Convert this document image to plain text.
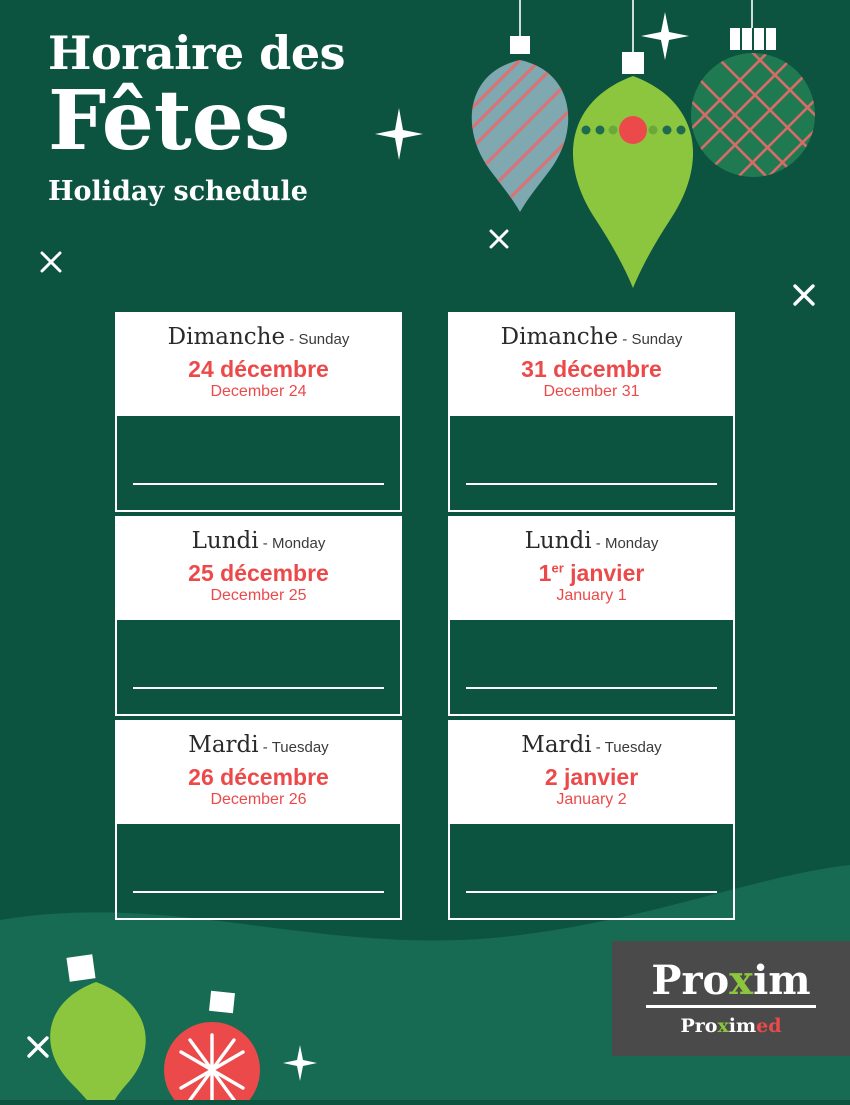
Horaire des
Fêtes
Holiday schedule
Dimanche - Sunday
24 décembre
December 24
Dimanche - Sunday
31 décembre
December 31
Lundi - Monday
25 décembre
December 25
Lundi - Monday
1er janvier
January 1
Mardi - Tuesday
26 décembre
December 26
Mardi - Tuesday
2 janvier
January 2
Proxim
Proximed
